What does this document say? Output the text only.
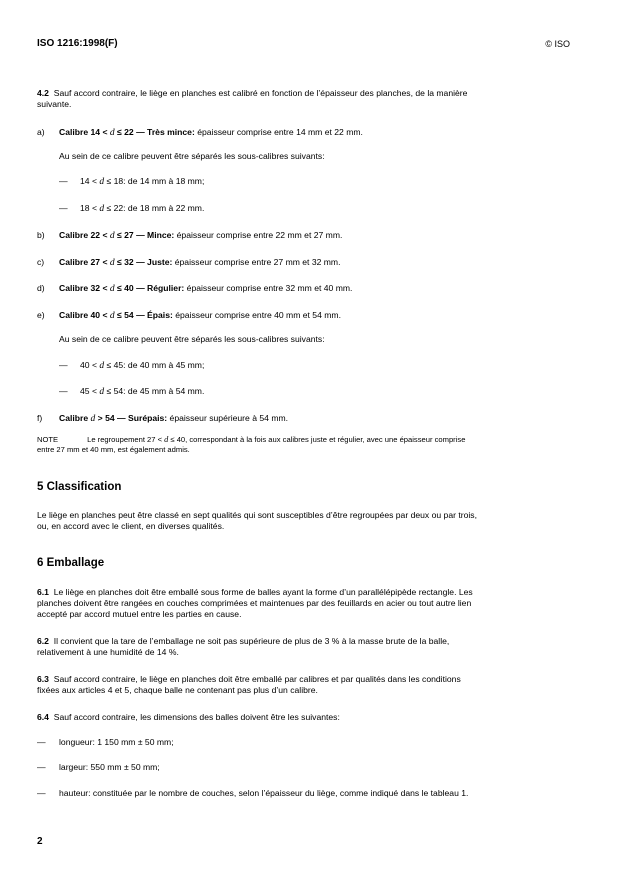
ISO 1216:1998(F)	© ISO
4.2 Sauf accord contraire, le liège en planches est calibré en fonction de l’épaisseur des planches, de la manière
suivante.
a) Calibre 14 < d ≤ 22 — Très mince: épaisseur comprise entre 14 mm et 22 mm.
Au sein de ce calibre peuvent être séparés les sous-calibres suivants:
— 14 < d ≤ 18: de 14 mm à 18 mm;
— 18 < d ≤ 22: de 18 mm à 22 mm.
b) Calibre 22 < d ≤ 27 — Mince: épaisseur comprise entre 22 mm et 27 mm.
c) Calibre 27 < d ≤ 32 — Juste: épaisseur comprise entre 27 mm et 32 mm.
d) Calibre 32 < d ≤ 40 — Régulier: épaisseur comprise entre 32 mm et 40 mm.
e) Calibre 40 < d ≤ 54 — Épais: épaisseur comprise entre 40 mm et 54 mm.
Au sein de ce calibre peuvent être séparés les sous-calibres suivants:
— 40 < d ≤ 45: de 40 mm à 45 mm;
— 45 < d ≤ 54: de 45 mm à 54 mm.
f) Calibre d > 54 — Surépais: épaisseur supérieure à 54 mm.
NOTE	Le regroupement 27 < d ≤ 40, correspondant à la fois aux calibres juste et régulier, avec une épaisseur comprise
entre 27 mm et 40 mm, est également admis.
5 Classification
Le liège en planches peut être classé en sept qualités qui sont susceptibles d’être regroupées par deux ou par trois,
ou, en accord avec le client, en diverses qualités.
6 Emballage
6.1 Le liège en planches doit être emballé sous forme de balles ayant la forme d’un parallélépipède rectangle. Les
planches doivent être rangées en couches comprimées et maintenues par des feuillards en acier ou tout autre lien
accepté par accord mutuel entre les parties en cause.
6.2 Il convient que la tare de l’emballage ne soit pas supérieure de plus de 3 % à la masse brute de la balle,
relativement à une humidité de 14 %.
6.3 Sauf accord contraire, le liège en planches doit être emballé par calibres et par qualités dans les conditions
fixées aux articles 4 et 5, chaque balle ne contenant pas plus d’un calibre.
6.4 Sauf accord contraire, les dimensions des balles doivent être les suivantes:
— longueur: 1 150 mm ± 50 mm;
— largeur: 550 mm ± 50 mm;
— hauteur: constituée par le nombre de couches, selon l’épaisseur du liège, comme indiqué dans le tableau 1.
2
